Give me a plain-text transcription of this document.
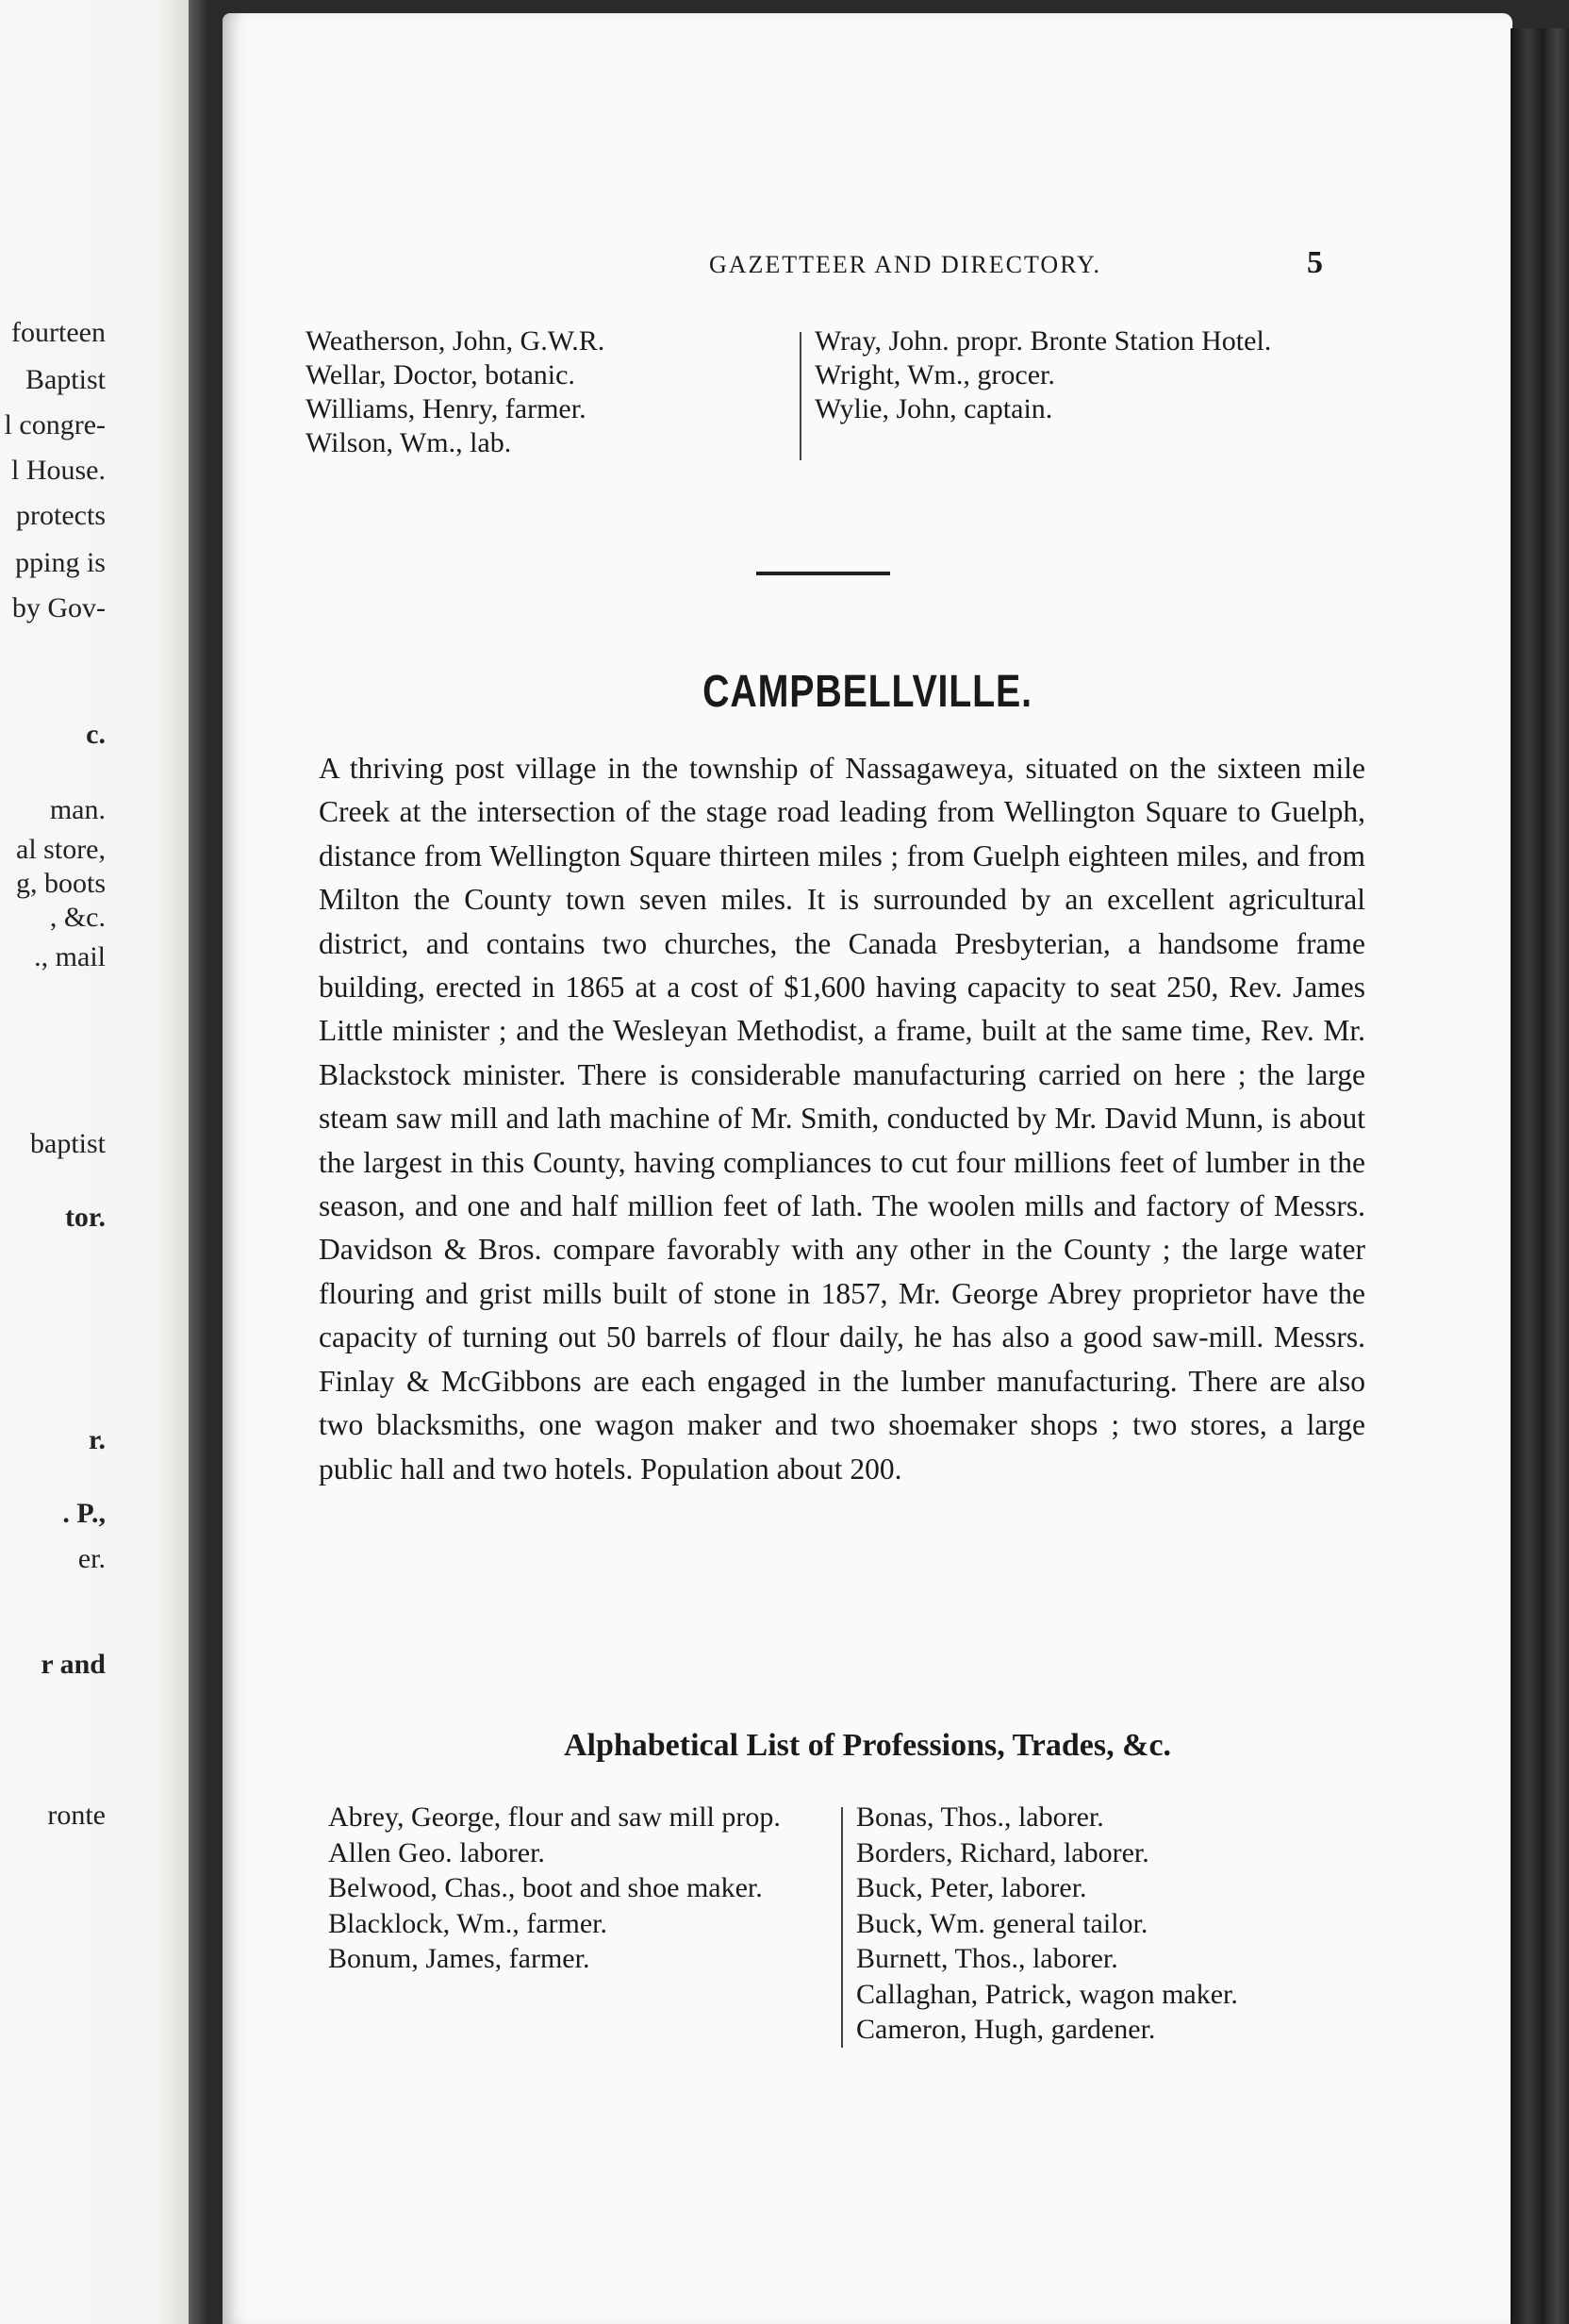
fourteen
Baptist
l congre-
l House.
protects
pping is
by Gov-
c.
man.
al store,
g, boots
, &c.
., mail
baptist
tor.
r.
. P.,
er.
r and
ronte
GAZETTEER AND DIRECTORY.	5

Weatherson, John, G.W.R.

Wellar, Doctor, botanic.

Williams, Henry, farmer.

Wilson, Wm., lab.

Wray, John. propr. Bronte Station Hotel.

Wright, Wm., grocer.

Wylie, John, captain.

CAMPBELLVILLE.

A thriving post village in the township of Nassagaweya, situated on the sixteen mile Creek at the intersection of the stage road leading from Wellington Square to Guelph, distance from Wellington Square thirteen miles ; from Guelph eighteen miles, and from Milton the County town seven miles. It is surrounded by an excellent agricultural district, and contains two churches, the Canada Presbyterian, a handsome frame building, erected in 1865 at a cost of $1,600 having capacity to seat 250, Rev. James Little minister ; and the Wesleyan Methodist, a frame, built at the same time, Rev. Mr. Blackstock minister. There is considerable manufacturing carried on here ; the large steam saw mill and lath machine of Mr. Smith, conducted by Mr. David Munn, is about the largest in this County, having compliances to cut four millions feet of lumber in the season, and one and half million feet of lath. The woolen mills and factory of Messrs. Davidson & Bros. compare favorably with any other in the County ; the large water flouring and grist mills built of stone in 1857, Mr. George Abrey proprietor have the capacity of turning out 50 barrels of flour daily, he has also a good saw-mill. Messrs. Finlay & McGibbons are each engaged in the lumber manufacturing. There are also two blacksmiths, one wagon maker and two shoemaker shops ; two stores, a large public hall and two hotels. Population about 200.

Alphabetical List of Professions, Trades, &c.

Abrey, George, flour and saw mill prop.

Allen Geo. laborer.

Belwood, Chas., boot and shoe maker.

Blacklock, Wm., farmer.

Bonum, James, farmer.

Bonas, Thos., laborer.

Borders, Richard, laborer.

Buck, Peter, laborer.

Buck, Wm. general tailor.

Burnett, Thos., laborer.

Callaghan, Patrick, wagon maker.

Cameron, Hugh, gardener.
